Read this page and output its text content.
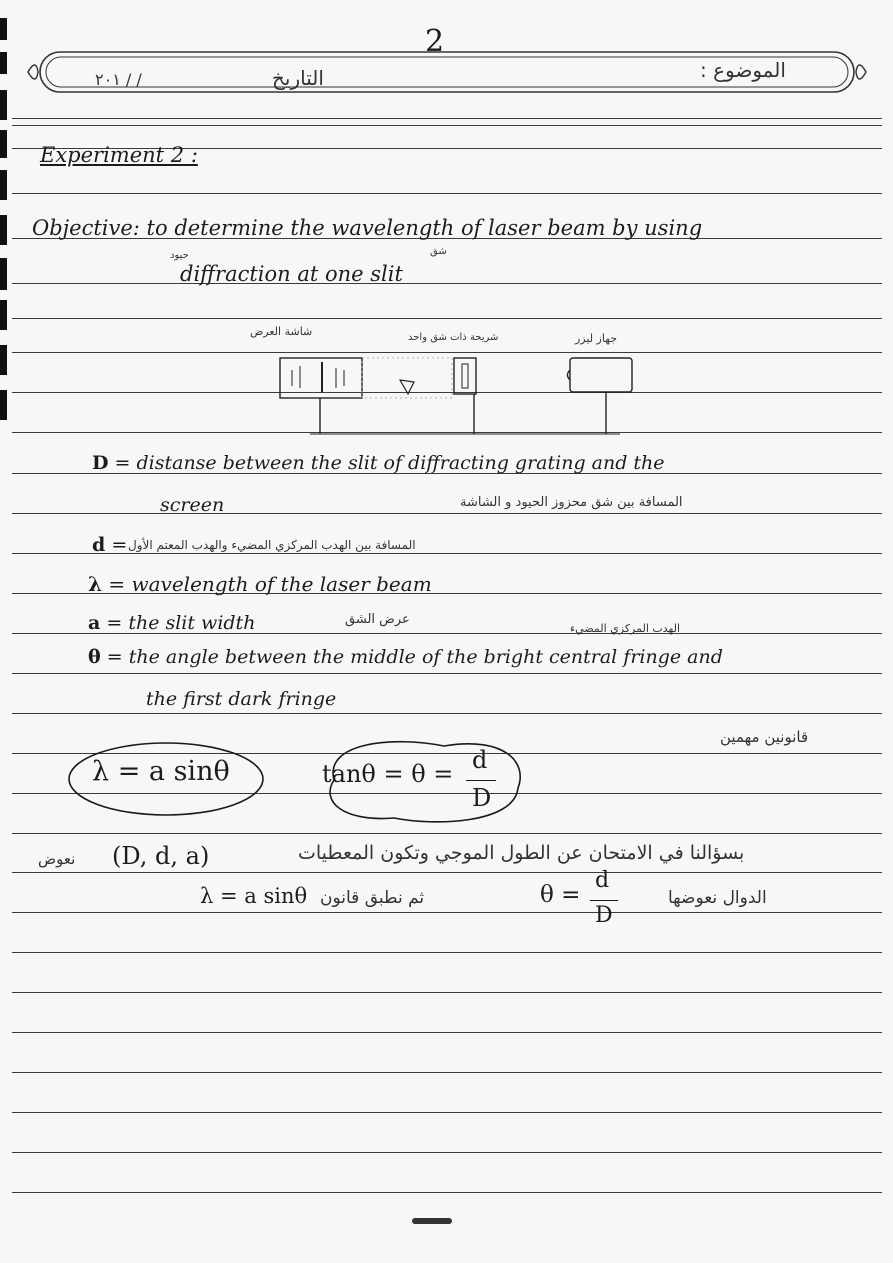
2
الموضوع :
التاريخ
٢٠١ / /
Experiment 2 :
Objective: to determine the wavelength of laser beam by using
حيود	شق
diffraction at one slit
شاشة العرض	شريحة ذات شق واحد	جهاز ليزر
D = distanse between the slit of diffracting grating and the
screen	المسافة بين شق محزوز الحيود و الشاشة
d = المسافة بين الهدب المركزي المضيء والهدب المعتم الأول
λ = wavelength of the laser beam
a = the slit width	عرض الشق
الهدب المركزي المضيء
θ = the angle between the middle of the bright central fringe and
the first dark fringe
قانونين مهمين
λ = a sinθ	tanθ = θ = d
D
بسؤالنا في الامتحان عن الطول الموجي وتكون المعطيات
(D, d, a)
نعوض
الدوال نعوضها
θ =
d
D
ثم نطبق قانون
λ = a sinθ
